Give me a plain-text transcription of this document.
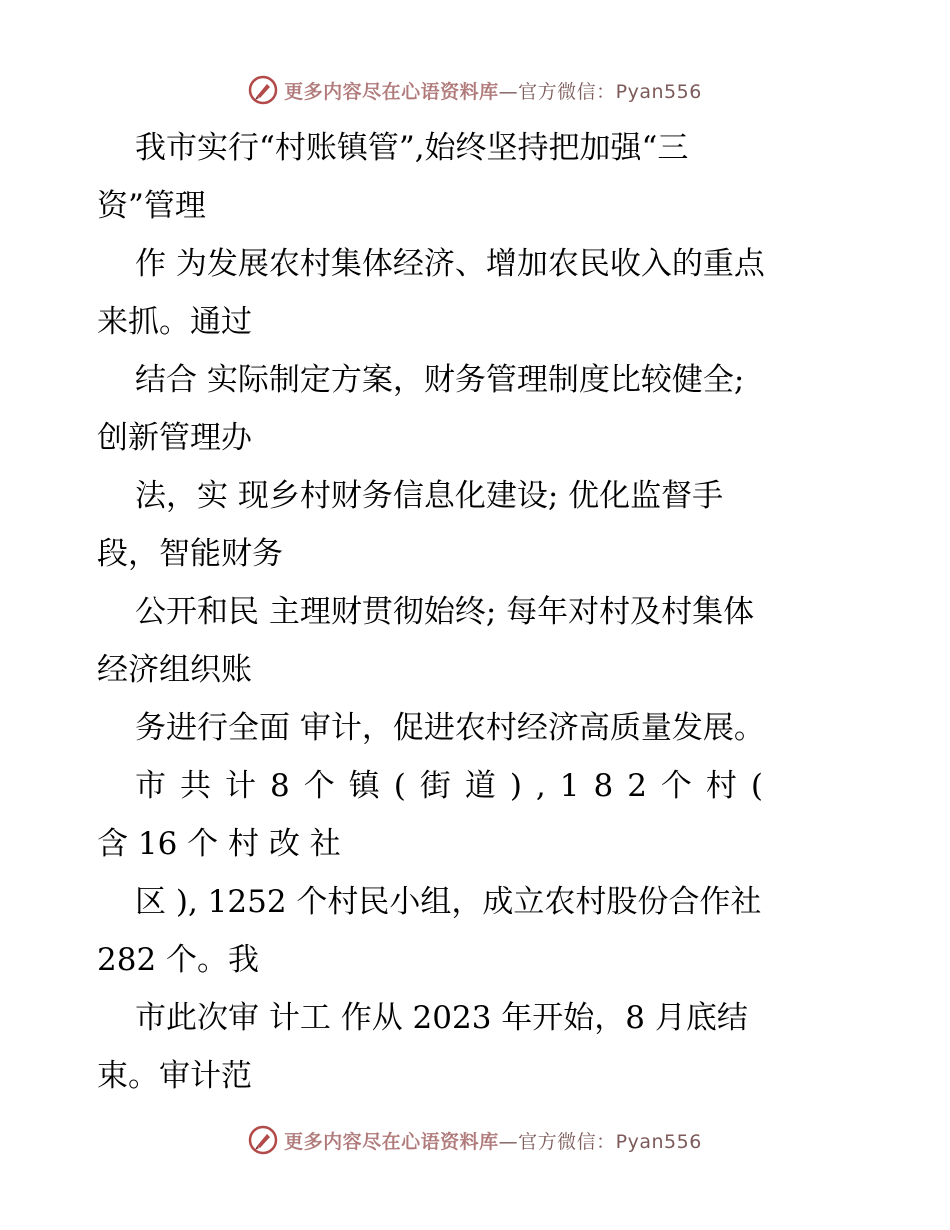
更多内容尽在心语资料库—官方微信：Pyan556
我市实行“村账镇管”,始终坚持把加强“三
资”管理
作 为发展农村集体经济、增加农民收入的重点
来抓。通过
结合 实际制定方案，财务管理制度比较健全;
创新管理办
法，实 现乡村财务信息化建设; 优化监督手
段，智能财务
公开和民 主理财贯彻始终; 每年对村及村集体
经济组织账
务进行全面 审计，促进农村经济高质量发展。
市共计8个镇(街道),182个村(
含 16 个 村 改 社
区 ), 1252 个村民小组，成立农村股份合作社
282 个。我
市此次审 计工 作从 2023 年开始，8 月底结
束。审计范
更多内容尽在心语资料库—官方微信：Pyan556
